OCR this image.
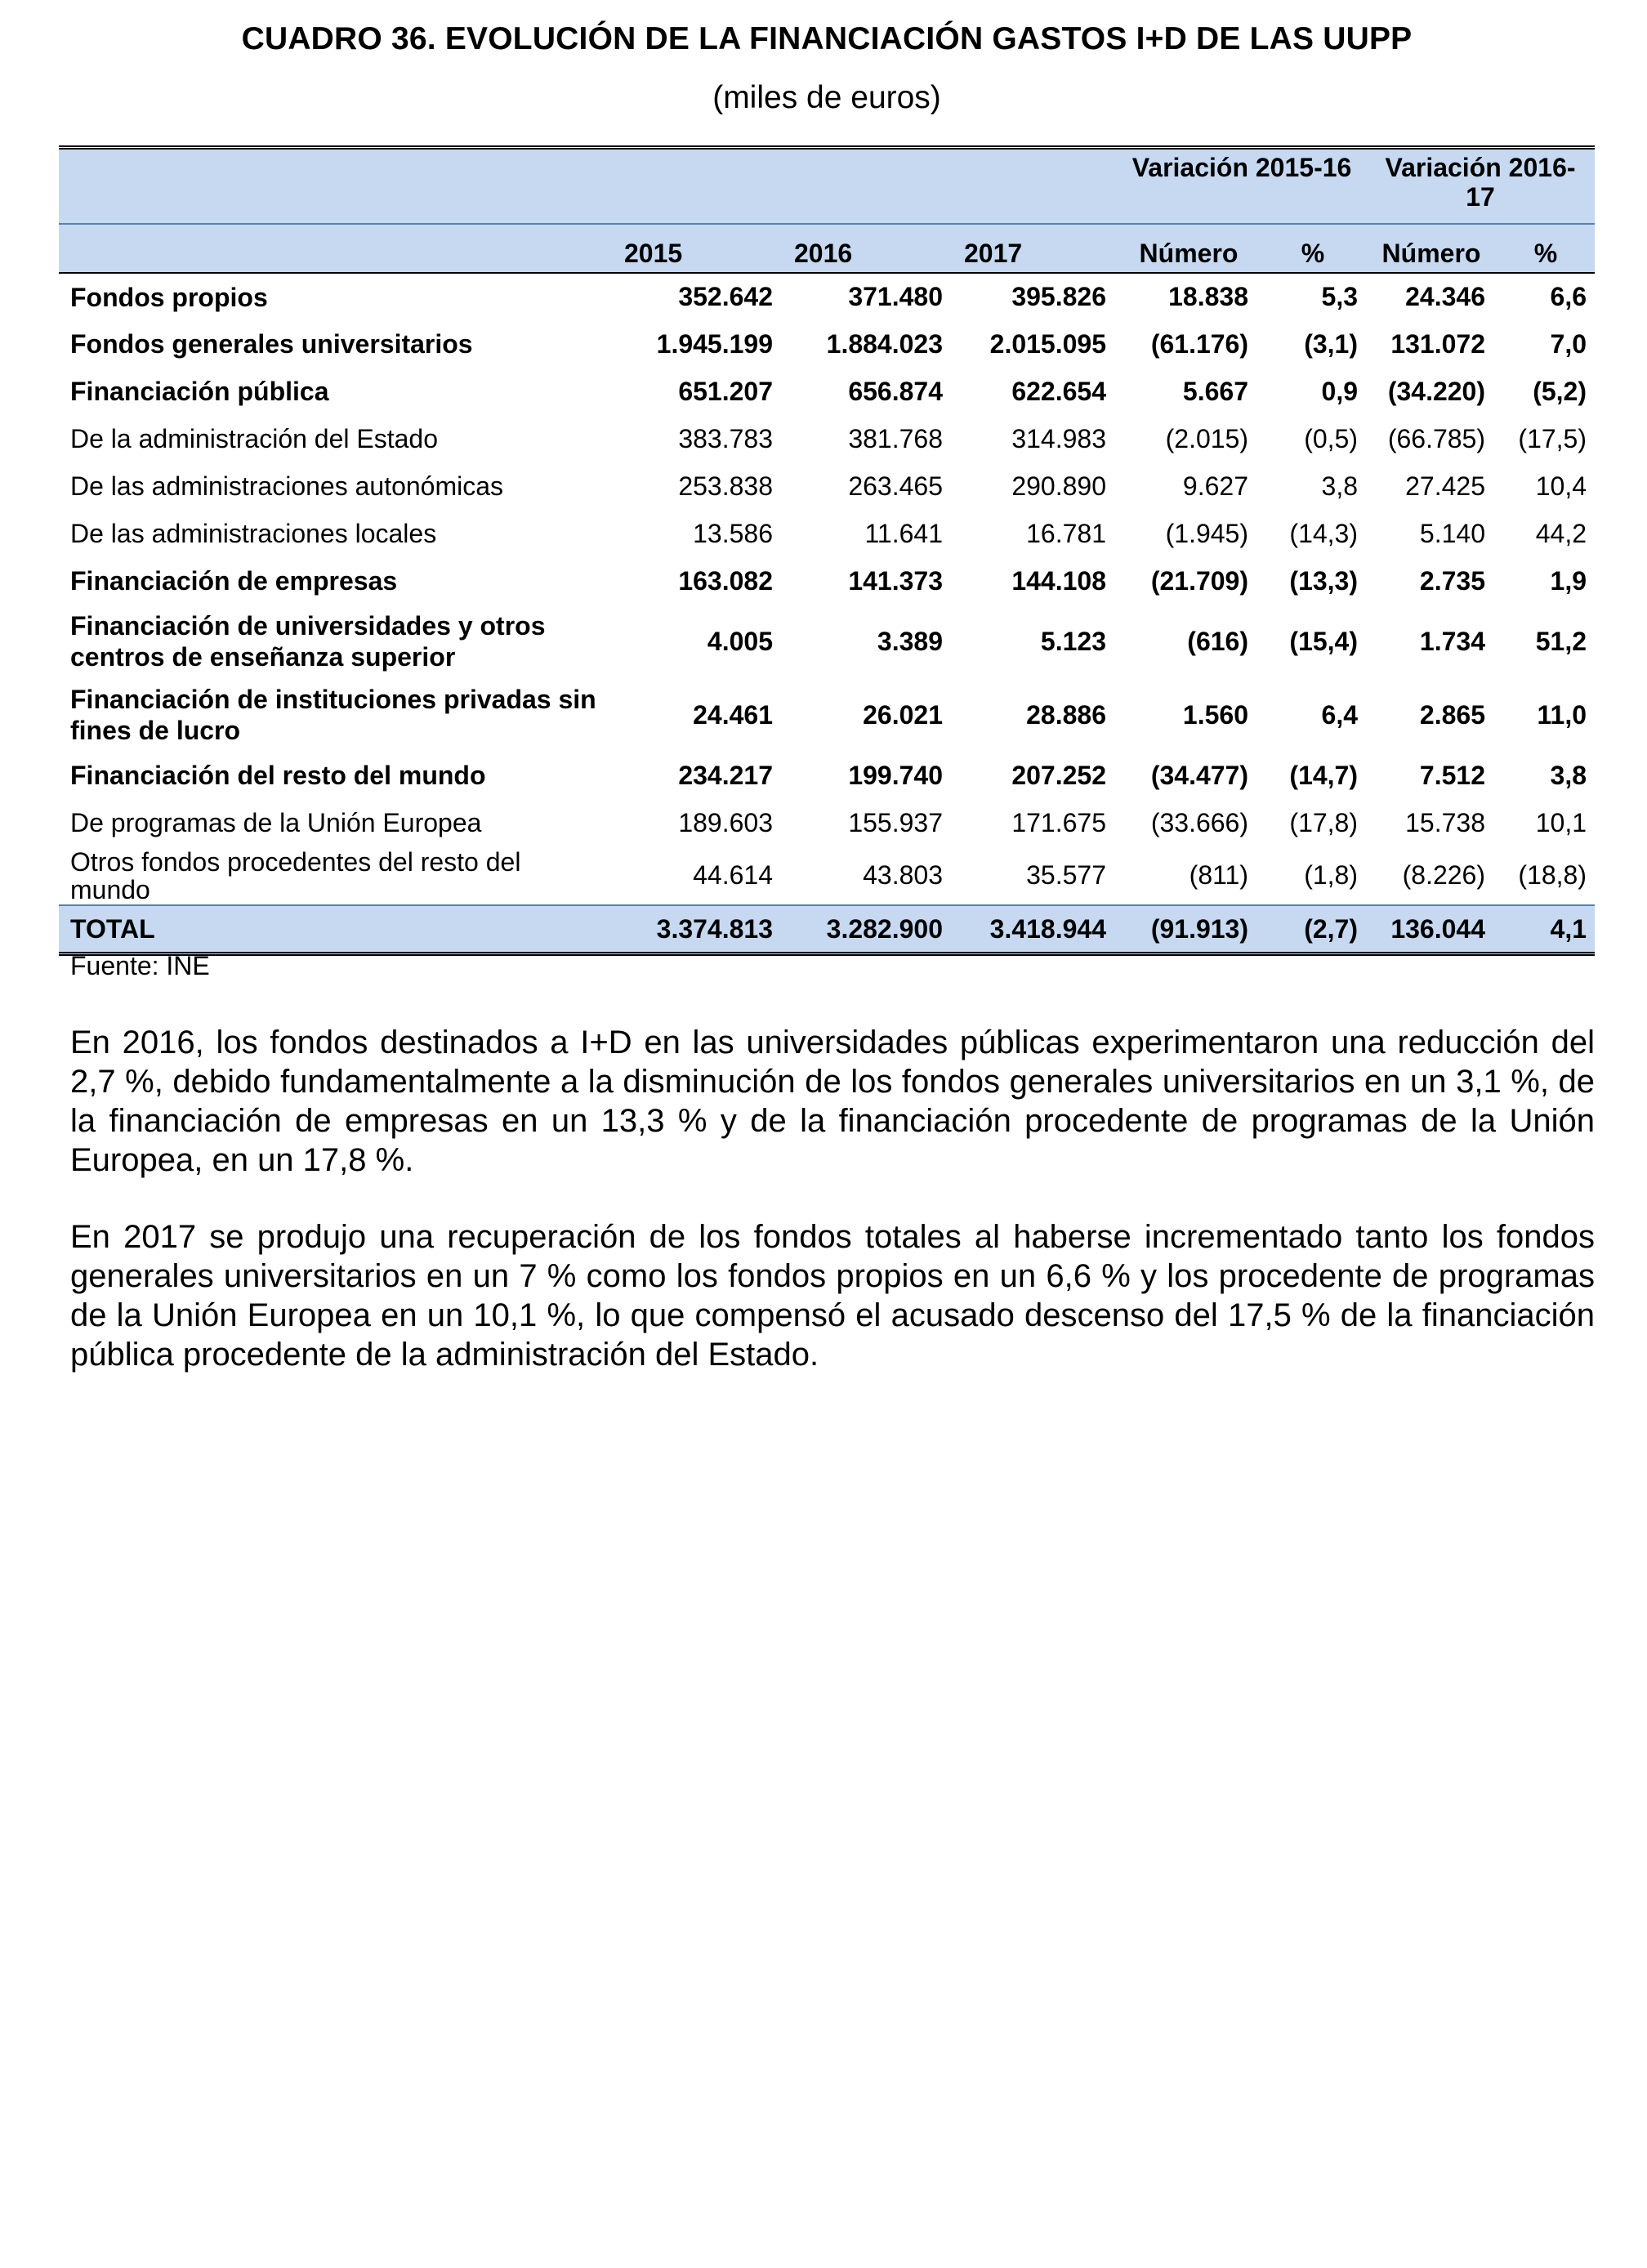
CUADRO 36. EVOLUCIÓN DE LA FINANCIACIÓN GASTOS I+D DE LAS UUPP
(miles de euros)
				Variación 2015-16		Variación 2016-17	
	2015	2016	2017	Número	%	Número	%
Fondos propios	352.642	371.480	395.826	18.838	5,3	24.346	6,6
Fondos generales universitarios	1.945.199	1.884.023	2.015.095	(61.176)	(3,1)	131.072	7,0
Financiación pública	651.207	656.874	622.654	5.667	0,9	(34.220)	(5,2)
De la administración del Estado	383.783	381.768	314.983	(2.015)	(0,5)	(66.785)	(17,5)
De las administraciones autonómicas	253.838	263.465	290.890	9.627	3,8	27.425	10,4
De las administraciones locales	13.586	11.641	16.781	(1.945)	(14,3)	5.140	44,2
Financiación de empresas	163.082	141.373	144.108	(21.709)	(13,3)	2.735	1,9
Financiación de universidades y otros centros de enseñanza superior	4.005	3.389	5.123	(616)	(15,4)	1.734	51,2
Financiación de instituciones privadas sin fines de lucro	24.461	26.021	28.886	1.560	6,4	2.865	11,0
Financiación del resto del mundo	234.217	199.740	207.252	(34.477)	(14,7)	7.512	3,8
De programas de la Unión Europea	189.603	155.937	171.675	(33.666)	(17,8)	15.738	10,1
Otros fondos procedentes del resto del mundo	44.614	43.803	35.577	(811)	(1,8)	(8.226)	(18,8)
TOTAL	3.374.813	3.282.900	3.418.944	(91.913)	(2,7)	136.044	4,1
Fuente: INE

En 2016, los fondos destinados a I+D en las universidades públicas experimentaron una reducción del 2,7 %, debido fundamentalmente a la disminución de los fondos generales universitarios en un 3,1 %, de la financiación de empresas en un 13,3 % y de la financiación procedente de programas de la Unión Europea, en un 17,8 %.

En 2017 se produjo una recuperación de los fondos totales al haberse incrementado tanto los fondos generales universitarios en un 7 % como los fondos propios en un 6,6 % y los procedente de programas de la Unión Europea en un 10,1 %, lo que compensó el acusado descenso del 17,5 % de la financiación pública procedente de la administración del Estado.
